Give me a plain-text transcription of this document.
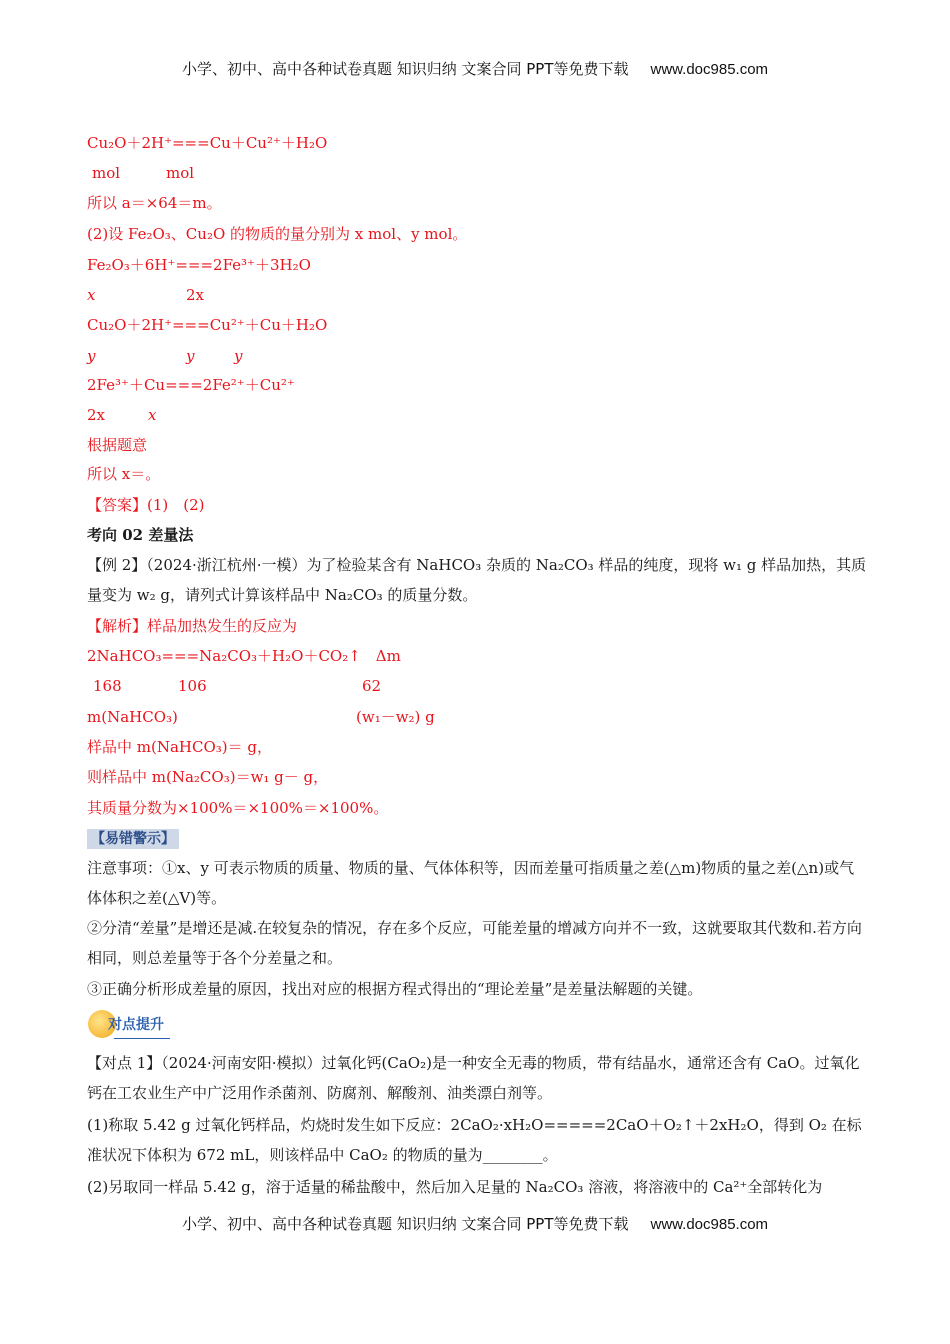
小学、初中、高中各种试卷真题 知识归纳 文案合同 PPT等免费下载 www.doc985.com
Cu₂O＋2H⁺===Cu＋Cu²⁺＋H₂O
mol	mol
所以 a＝×64＝m。
(2)设 Fe₂O₃、Cu₂O 的物质的量分别为 x mol、y mol。
Fe₂O₃＋6H⁺===2Fe³⁺＋3H₂O
x	2x
Cu₂O＋2H⁺===Cu²⁺＋Cu＋H₂O
y	y	y
2Fe³⁺＋Cu===2Fe²⁺＋Cu²⁺
2x	x
根据题意
所以 x＝。
【答案】(1)　(2)
考向 02 差量法
【例 2】（2024·浙江杭州·一模）为了检验某含有 NaHCO₃ 杂质的 Na₂CO₃ 样品的纯度，现将 w₁ g 样品加热，其质量变为 w₂ g，请列式计算该样品中 Na₂CO₃ 的质量分数。
【解析】样品加热发生的反应为
2NaHCO₃===Na₂CO₃＋H₂O＋CO₂↑　Δm
168	106	62
m(NaHCO₃)	(w₁－w₂) g
样品中 m(NaHCO₃)＝ g，
则样品中 m(Na₂CO₃)＝w₁ g－ g，
其质量分数为×100%＝×100%＝×100%。
【易错警示】
注意事项：①x、y 可表示物质的质量、物质的量、气体体积等，因而差量可指质量之差(△m)物质的量之差(△n)或气体体积之差(△V)等。
②分清“差量”是增还是减.在较复杂的情况，存在多个反应，可能差量的增减方向并不一致，这就要取其代数和.若方向相同，则总差量等于各个分差量之和。
③正确分析形成差量的原因，找出对应的根据方程式得出的“理论差量”是差量法解题的关键。
对点提升
【对点 1】（2024·河南安阳·模拟）过氧化钙(CaO₂)是一种安全无毒的物质，带有结晶水，通常还含有 CaO。过氧化钙在工农业生产中广泛用作杀菌剂、防腐剂、解酸剂、油类漂白剂等。
(1)称取 5.42 g 过氧化钙样品，灼烧时发生如下反应：2CaO₂·xH₂O=====2CaO＋O₂↑＋2xH₂O，得到 O₂ 在标准状况下体积为 672 mL，则该样品中 CaO₂ 的物质的量为________。
(2)另取同一样品 5.42 g，溶于适量的稀盐酸中，然后加入足量的 Na₂CO₃ 溶液，将溶液中的 Ca²⁺全部转化为
小学、初中、高中各种试卷真题 知识归纳 文案合同 PPT等免费下载 www.doc985.com
